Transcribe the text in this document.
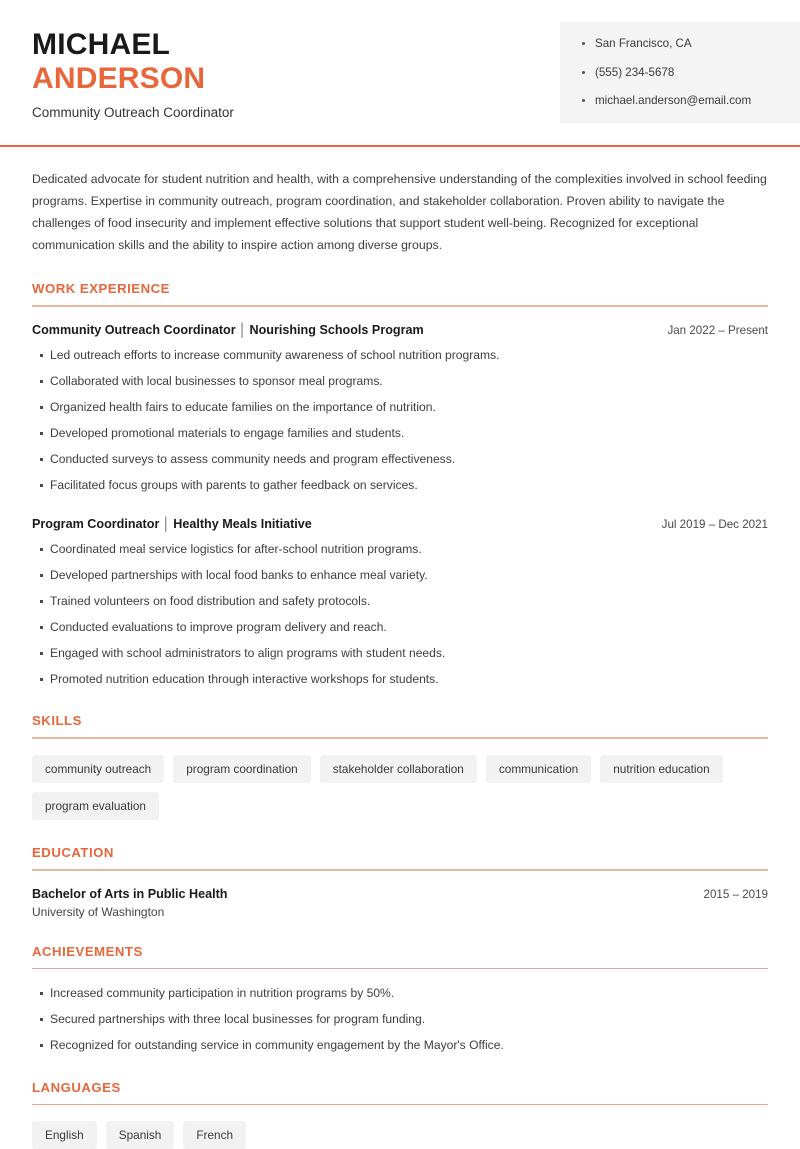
MICHAEL
ANDERSON
Community Outreach Coordinator
San Francisco, CA
(555) 234-5678
michael.anderson@email.com

Dedicated advocate for student nutrition and health, with a comprehensive understanding of the complexities involved in school feeding programs. Expertise in community outreach, program coordination, and stakeholder collaboration. Proven ability to navigate the challenges of food insecurity and implement effective solutions that support student well-being. Recognized for exceptional communication skills and the ability to inspire action among diverse groups.

WORK EXPERIENCE
Community Outreach Coordinator │ Nourishing Schools Program	Jan 2022 – Present
Led outreach efforts to increase community awareness of school nutrition programs.
Collaborated with local businesses to sponsor meal programs.
Organized health fairs to educate families on the importance of nutrition.
Developed promotional materials to engage families and students.
Conducted surveys to assess community needs and program effectiveness.
Facilitated focus groups with parents to gather feedback on services.
Program Coordinator │ Healthy Meals Initiative	Jul 2019 – Dec 2021
Coordinated meal service logistics for after-school nutrition programs.
Developed partnerships with local food banks to enhance meal variety.
Trained volunteers on food distribution and safety protocols.
Conducted evaluations to improve program delivery and reach.
Engaged with school administrators to align programs with student needs.
Promoted nutrition education through interactive workshops for students.
SKILLS
community outreach	program coordination	stakeholder collaboration	communication	nutrition education
program evaluation
EDUCATION
Bachelor of Arts in Public Health	2015 – 2019
University of Washington
ACHIEVEMENTS
Increased community participation in nutrition programs by 50%.
Secured partnerships with three local businesses for program funding.
Recognized for outstanding service in community engagement by the Mayor's Office.
LANGUAGES
English	Spanish	French
